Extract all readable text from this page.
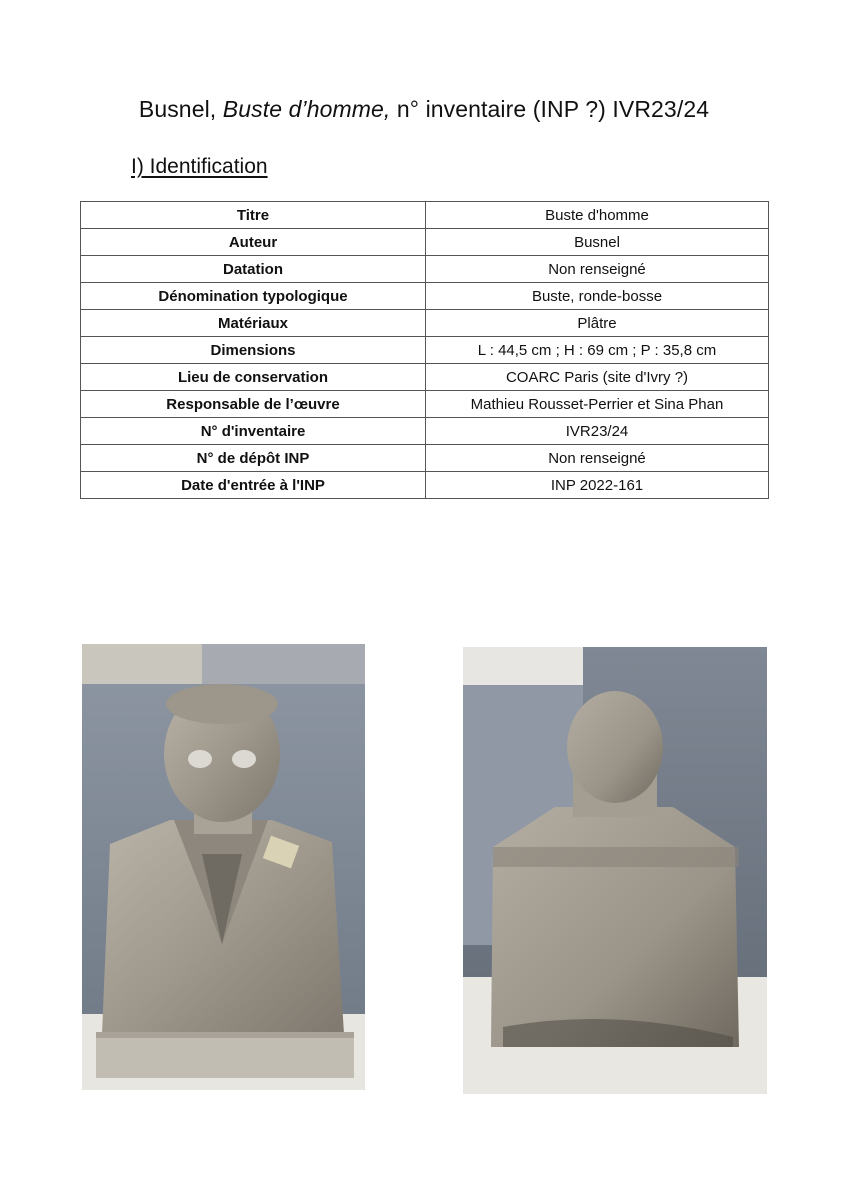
Busnel, Buste d’homme, n° inventaire (INP ?) IVR23/24
I) Identification
Titre	Buste d'homme
Auteur	Busnel
Datation	Non renseigné
Dénomination typologique	Buste, ronde-bosse
Matériaux	Plâtre
Dimensions	L : 44,5 cm ; H : 69 cm ; P : 35,8 cm
Lieu de conservation	COARC Paris (site d'Ivry ?)
Responsable de l’œuvre	Mathieu Rousset-Perrier et Sina Phan
N° d'inventaire	IVR23/24
N° de dépôt INP	Non renseigné
Date d'entrée à l'INP	INP 2022-161
